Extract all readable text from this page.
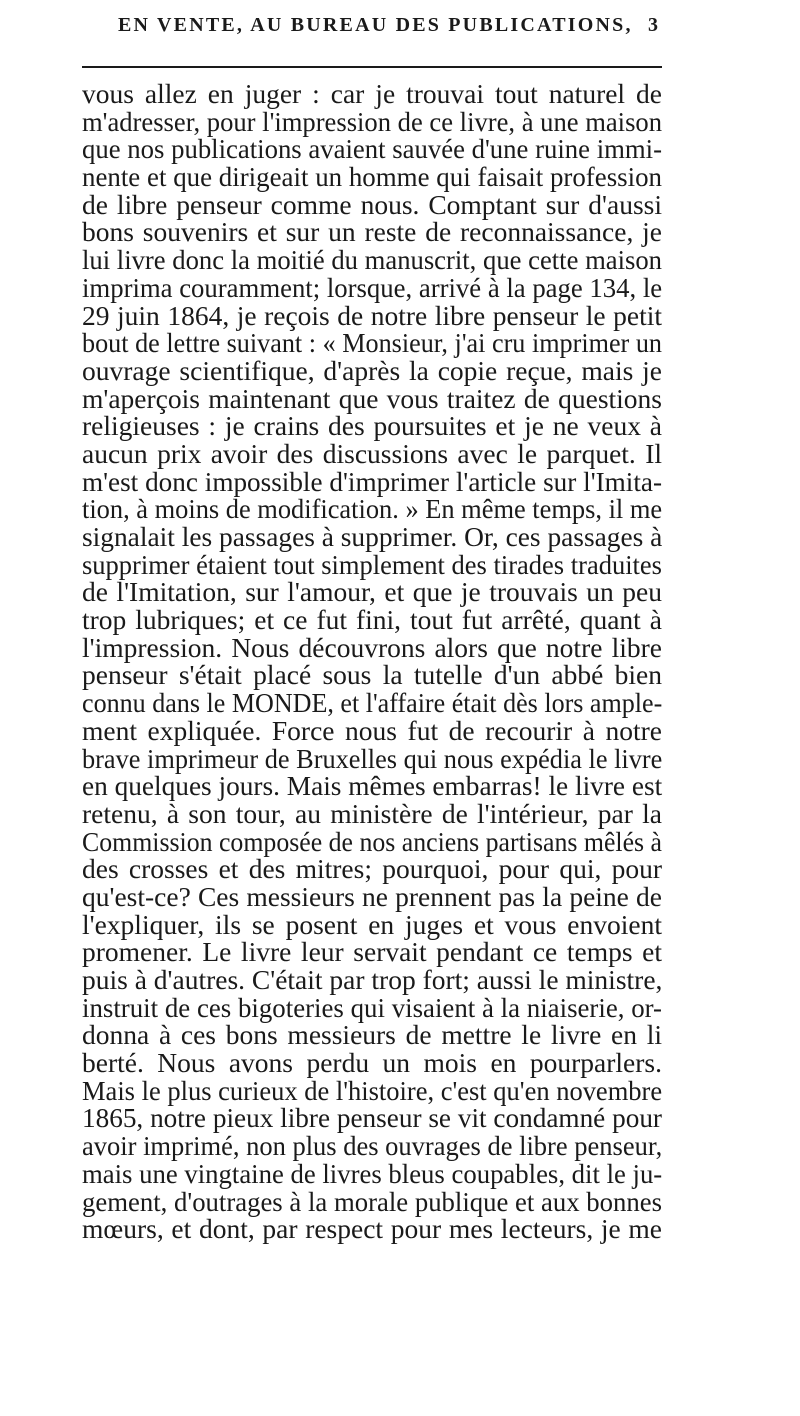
EN VENTE, AU BUREAU DES PUBLICATIONS, 3
vous allez en juger : car je trouvai tout naturel de
m'adresser, pour l'impression de ce livre, à une maison
que nos publications avaient sauvée d'une ruine immi-
nente et que dirigeait un homme qui faisait profession
de libre penseur comme nous. Comptant sur d'aussi
bons souvenirs et sur un reste de reconnaissance, je
lui livre donc la moitié du manuscrit, que cette maison
imprima couramment; lorsque, arrivé à la page 134, le
29 juin 1864, je reçois de notre libre penseur le petit
bout de lettre suivant : « Monsieur, j'ai cru imprimer un
ouvrage scientifique, d'après la copie reçue, mais je
m'aperçois maintenant que vous traitez de questions
religieuses : je crains des poursuites et je ne veux à
aucun prix avoir des discussions avec le parquet. Il
m'est donc impossible d'imprimer l'article sur l'Imita-
tion, à moins de modification. » En même temps, il me
signalait les passages à supprimer. Or, ces passages à
supprimer étaient tout simplement des tirades traduites
de l'Imitation, sur l'amour, et que je trouvais un peu
trop lubriques; et ce fut fini, tout fut arrêté, quant à
l'impression. Nous découvrons alors que notre libre
penseur s'était placé sous la tutelle d'un abbé bien
connu dans le MONDE, et l'affaire était dès lors ample-
ment expliquée. Force nous fut de recourir à notre
brave imprimeur de Bruxelles qui nous expédia le livre
en quelques jours. Mais mêmes embarras! le livre est
retenu, à son tour, au ministère de l'intérieur, par la
Commission composée de nos anciens partisans mêlés à
des crosses et des mitres; pourquoi, pour qui, pour
qu'est-ce? Ces messieurs ne prennent pas la peine de
l'expliquer, ils se posent en juges et vous envoient
promener. Le livre leur servait pendant ce temps et
puis à d'autres. C'était par trop fort; aussi le ministre,
instruit de ces bigoteries qui visaient à la niaiserie, or-
donna à ces bons messieurs de mettre le livre en li
berté. Nous avons perdu un mois en pourparlers.
Mais le plus curieux de l'histoire, c'est qu'en novembre
1865, notre pieux libre penseur se vit condamné pour
avoir imprimé, non plus des ouvrages de libre penseur,
mais une vingtaine de livres bleus coupables, dit le ju-
gement, d'outrages à la morale publique et aux bonnes
mœurs, et dont, par respect pour mes lecteurs, je me
